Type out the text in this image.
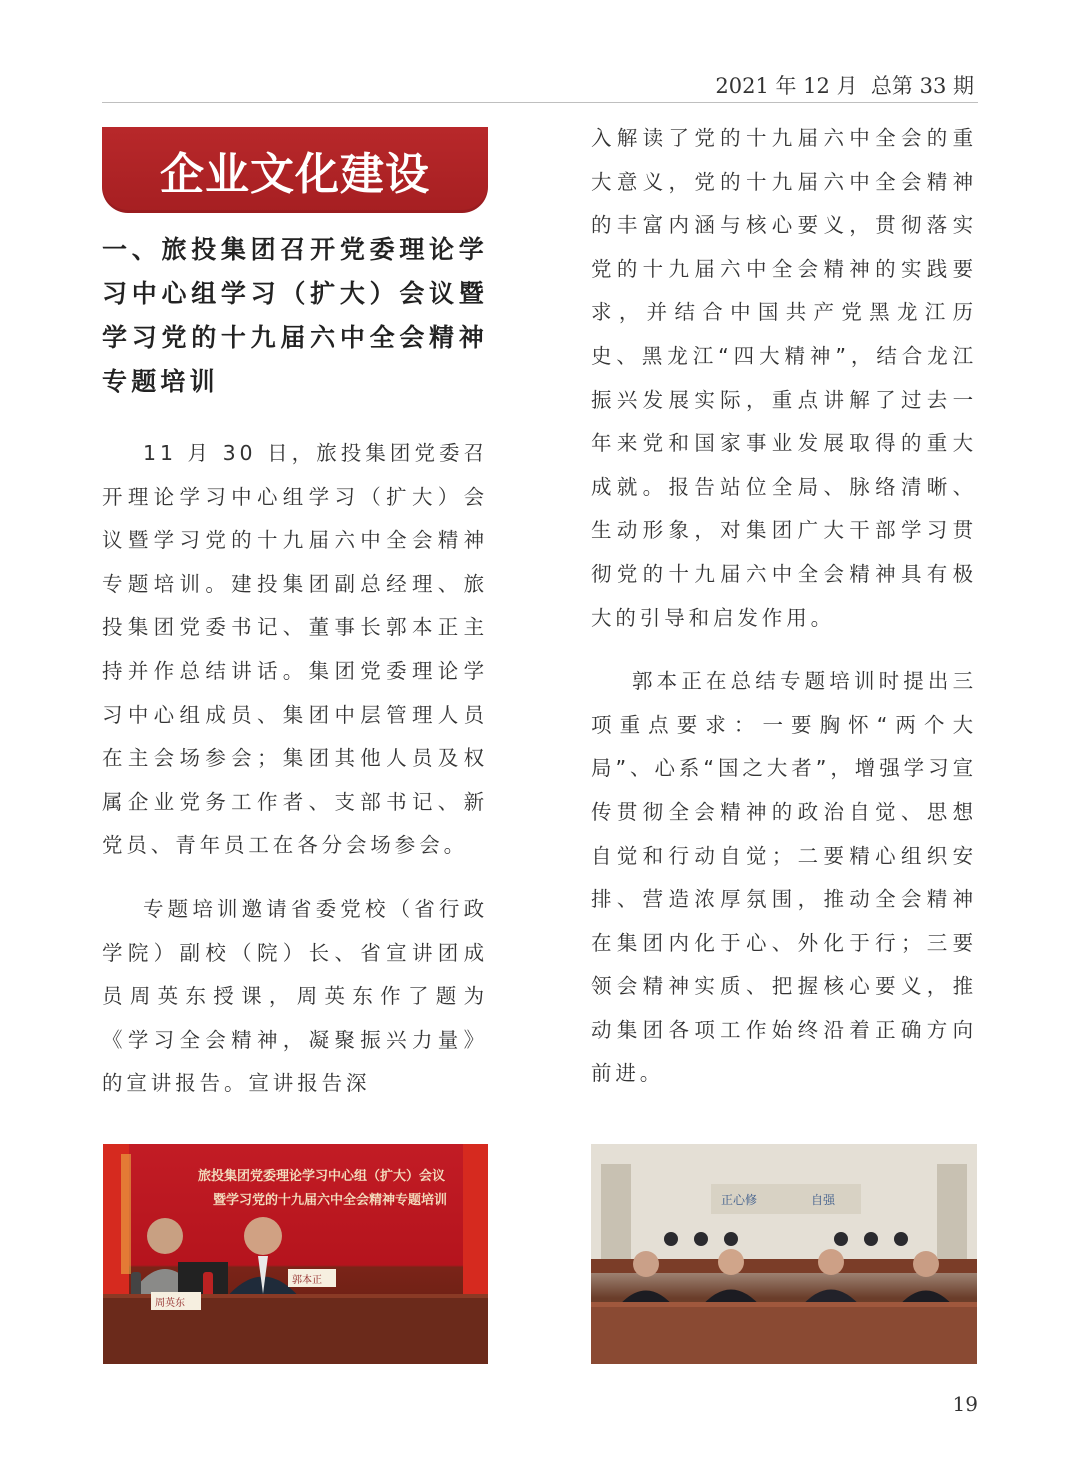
2021 年 12 月  总第 33 期
企业文化建设
一、旅投集团召开党委理论学习中心组学习（扩大）会议暨学习党的十九届六中全会精神专题培训

11 月 30 日，旅投集团党委召开理论学习中心组学习（扩大）会议暨学习党的十九届六中全会精神专题培训。建投集团副总经理、旅投集团党委书记、董事长郭本正主持并作总结讲话。集团党委理论学习中心组成员、集团中层管理人员在主会场参会；集团其他人员及权属企业党务工作者、支部书记、新党员、青年员工在各分会场参会。

专题培训邀请省委党校（省行政学院）副校（院）长、省宣讲团成员周英东授课，周英东作了题为《学习全会精神，凝聚振兴力量》的宣讲报告。宣讲报告深

入解读了党的十九届六中全会的重大意义，党的十九届六中全会精神的丰富内涵与核心要义，贯彻落实党的十九届六中全会精神的实践要求，并结合中国共产党黑龙江历史、黑龙江“四大精神”，结合龙江振兴发展实际，重点讲解了过去一年来党和国家事业发展取得的重大成就。报告站位全局、脉络清晰、生动形象，对集团广大干部学习贯彻党的十九届六中全会精神具有极大的引导和启发作用。

郭本正在总结专题培训时提出三项重点要求：一要胸怀“两个大局”、心系“国之大者”，增强学习宣传贯彻全会精神的政治自觉、思想自觉和行动自觉；二要精心组织安排、营造浓厚氛围，推动全会精神在集团内化于心、外化于行；三要领会精神实质、把握核心要义，推动集团各项工作始终沿着正确方向前进。

旅投集团党委理论学习中心组（扩大）会议
暨学习党的十九届六中全会精神专题培训
周英东
郭本正
正心修	自强
19
